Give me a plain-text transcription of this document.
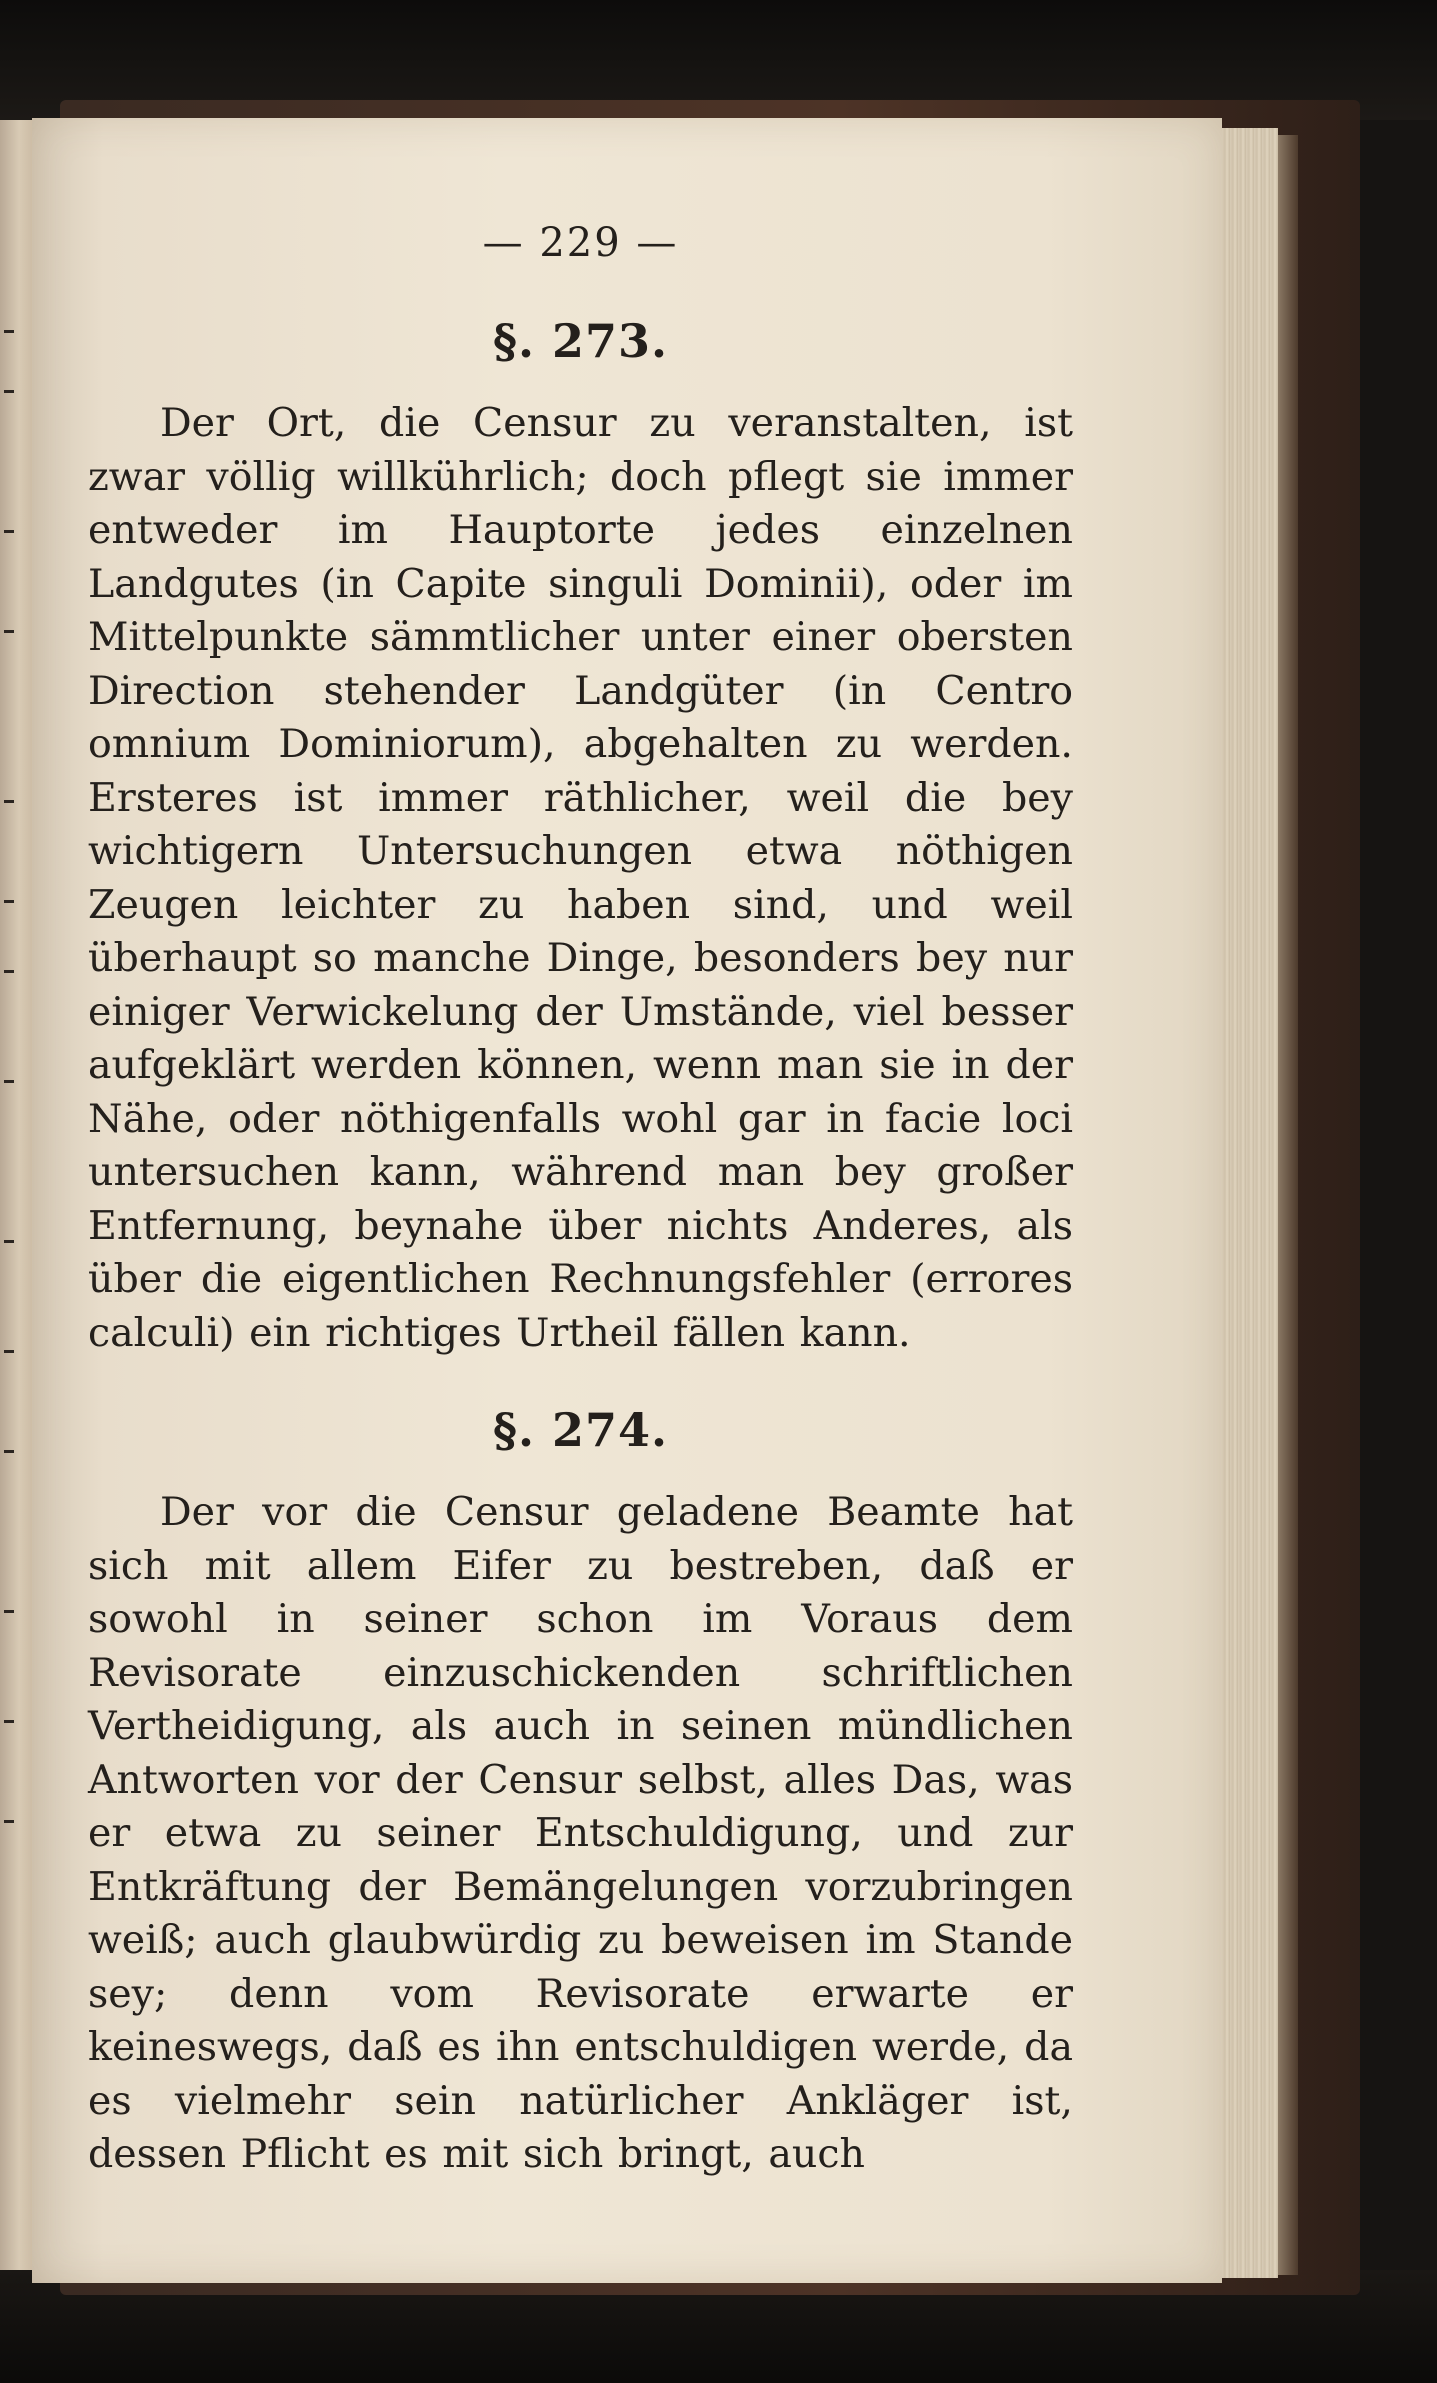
— 229 —
§. 273.

Der Ort, die Censur zu veranstalten, ist zwar völlig willkührlich; doch pflegt sie immer entweder im Hauptorte jedes einzelnen Landgutes (in Capite singuli Dominii), oder im Mittelpunkte sämmtlicher unter einer obersten Direction stehender Landgüter (in Centro omnium Dominiorum), abgehalten zu werden. Ersteres ist immer räthlicher, weil die bey wichtigern Untersuchungen etwa nöthigen Zeugen leichter zu haben sind, und weil überhaupt so manche Dinge, besonders bey nur einiger Verwickelung der Umstände, viel besser aufgeklärt werden können, wenn man sie in der Nähe, oder nöthigenfalls wohl gar in facie loci untersuchen kann, während man bey großer Entfernung, beynahe über nichts Anderes, als über die eigentlichen Rechnungsfehler (errores calculi) ein richtiges Urtheil fällen kann.

§. 274.

Der vor die Censur geladene Beamte hat sich mit allem Eifer zu bestreben, daß er sowohl in seiner schon im Voraus dem Revisorate einzuschickenden schriftlichen Vertheidigung, als auch in seinen mündlichen Antworten vor der Censur selbst, alles Das, was er etwa zu seiner Entschuldigung, und zur Entkräftung der Bemängelungen vorzubringen weiß; auch glaubwürdig zu beweisen im Stande sey; denn vom Revisorate erwarte er keineswegs, daß es ihn entschuldigen werde, da es vielmehr sein natürlicher Ankläger ist, dessen Pflicht es mit sich bringt, auch
